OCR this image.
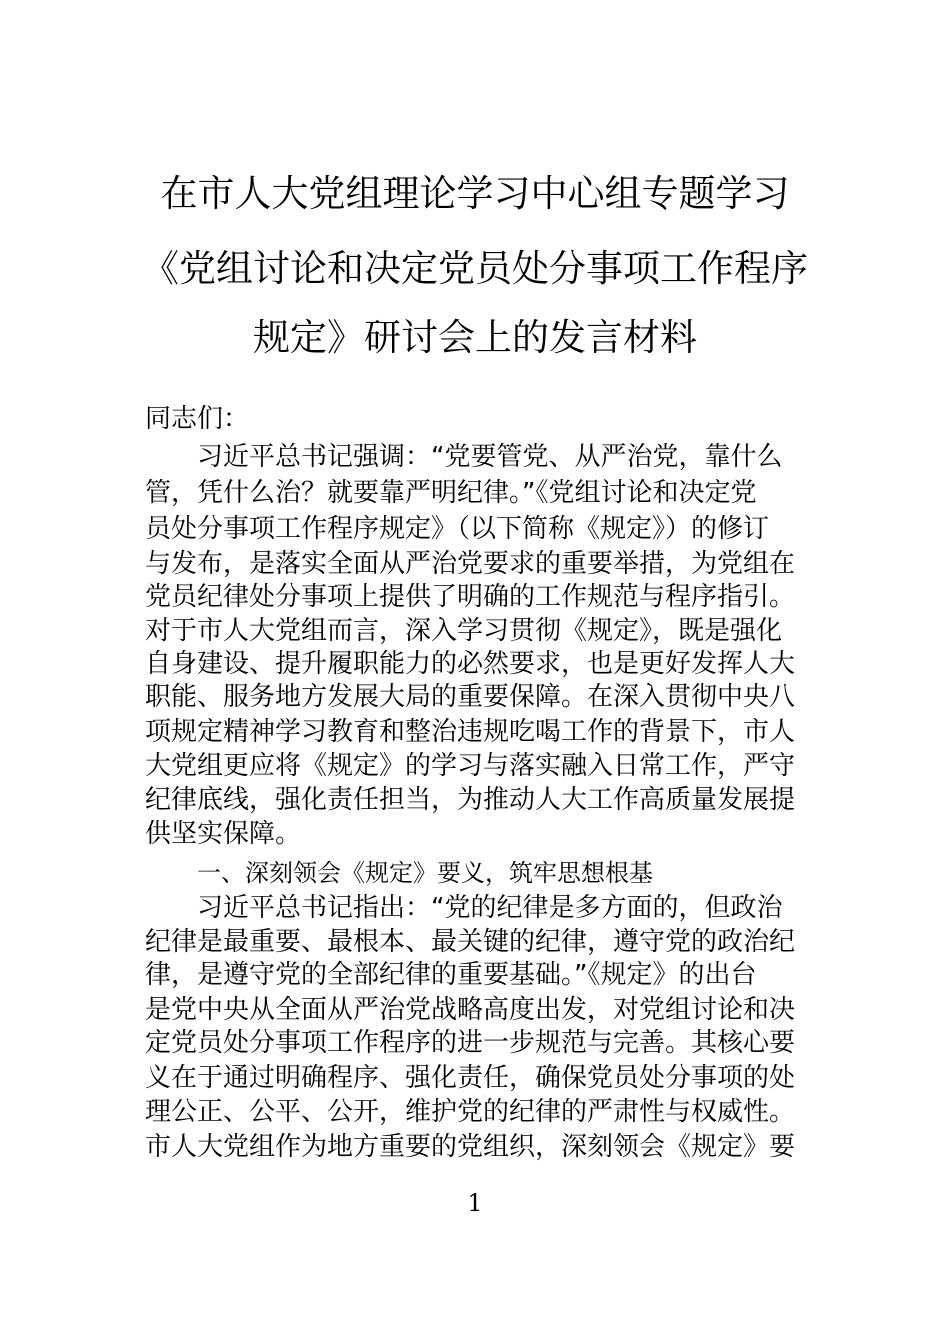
在市人大党组理论学习中心组专题学习
《党组讨论和决定党员处分事项工作程序
规定》研讨会上的发言材料
同志们：
习近平总书记强调：“党要管党、从严治党，靠什么
管，凭什么治？就要靠严明纪律。”《党组讨论和决定党
员处分事项工作程序规定》（以下简称《规定》）的修订
与发布，是落实全面从严治党要求的重要举措，为党组在
党员纪律处分事项上提供了明确的工作规范与程序指引。
对于市人大党组而言，深入学习贯彻《规定》，既是强化
自身建设、提升履职能力的必然要求，也是更好发挥人大
职能、服务地方发展大局的重要保障。在深入贯彻中央八
项规定精神学习教育和整治违规吃喝工作的背景下，市人
大党组更应将《规定》的学习与落实融入日常工作，严守
纪律底线，强化责任担当，为推动人大工作高质量发展提
供坚实保障。
一、深刻领会《规定》要义，筑牢思想根基
习近平总书记指出：“党的纪律是多方面的，但政治
纪律是最重要、最根本、最关键的纪律，遵守党的政治纪
律，是遵守党的全部纪律的重要基础。”《规定》的出台
是党中央从全面从严治党战略高度出发，对党组讨论和决
定党员处分事项工作程序的进一步规范与完善。其核心要
义在于通过明确程序、强化责任，确保党员处分事项的处
理公正、公平、公开，维护党的纪律的严肃性与权威性。
市人大党组作为地方重要的党组织，深刻领会《规定》要
1
